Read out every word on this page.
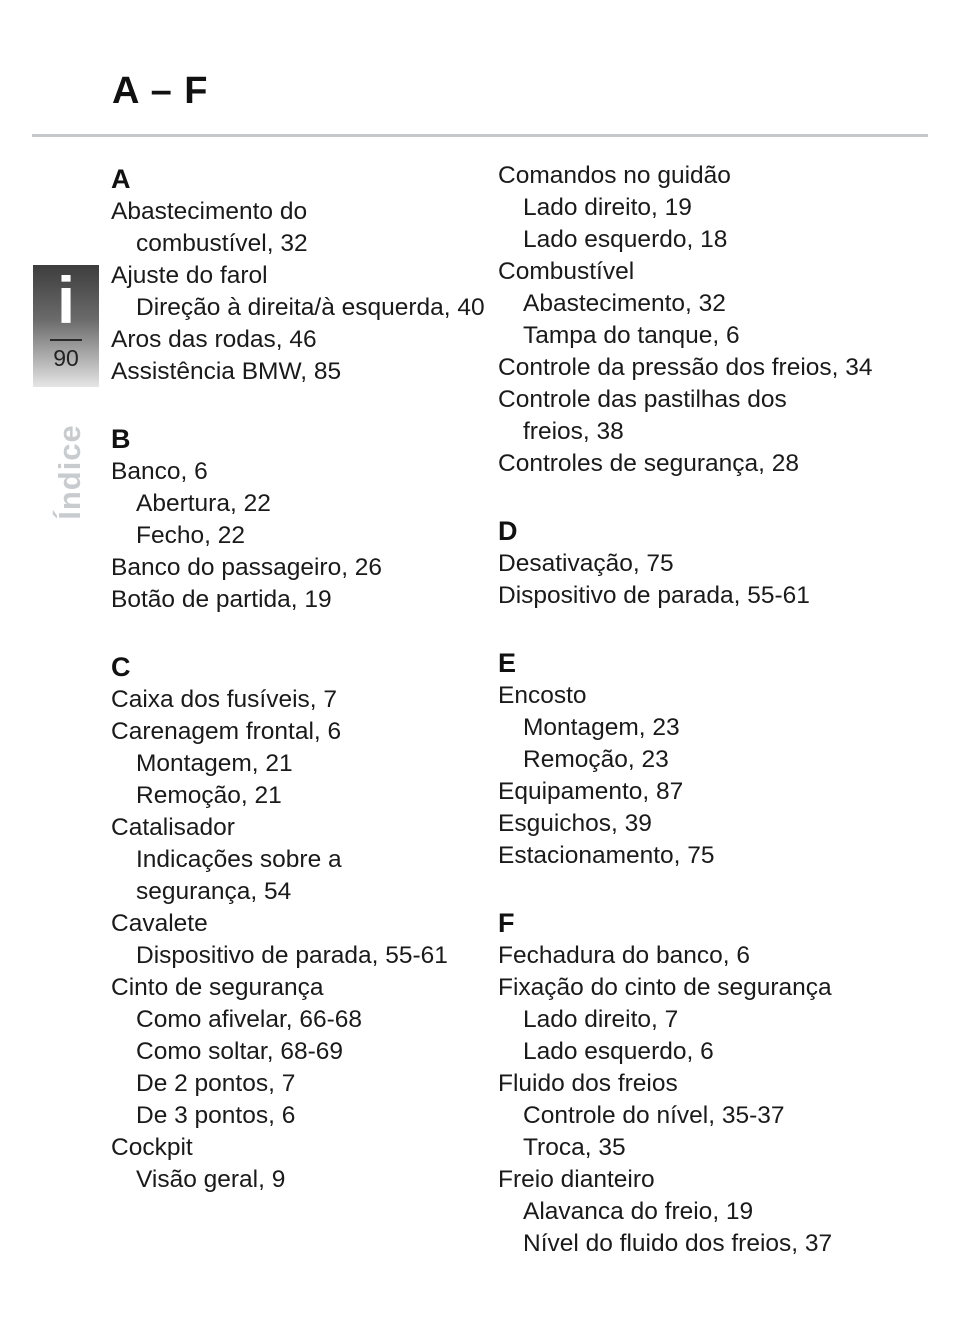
A – F
i
90
Índice
A
Abastecimento do
combustível, 32
Ajuste do farol
Direção à direita/à esquerda, 40
Aros das rodas, 46
Assistência BMW, 85
B
Banco, 6
Abertura, 22
Fecho, 22
Banco do passageiro, 26
Botão de partida, 19
C
Caixa dos fusíveis, 7
Carenagem frontal, 6
Montagem, 21
Remoção, 21
Catalisador
Indicações sobre a
segurança, 54
Cavalete
Dispositivo de parada, 55-61
Cinto de segurança
Como afivelar, 66-68
Como soltar, 68-69
De 2 pontos, 7
De 3 pontos, 6
Cockpit
Visão geral, 9
Comandos no guidão
Lado direito, 19
Lado esquerdo, 18
Combustível
Abastecimento, 32
Tampa do tanque, 6
Controle da pressão dos freios, 34
Controle das pastilhas dos
freios, 38
Controles de segurança, 28
D
Desativação, 75
Dispositivo de parada, 55-61
E
Encosto
Montagem, 23
Remoção, 23
Equipamento, 87
Esguichos, 39
Estacionamento, 75
F
Fechadura do banco, 6
Fixação do cinto de segurança
Lado direito, 7
Lado esquerdo, 6
Fluido dos freios
Controle do nível, 35-37
Troca, 35
Freio dianteiro
Alavanca do freio, 19
Nível do fluido dos freios, 37
